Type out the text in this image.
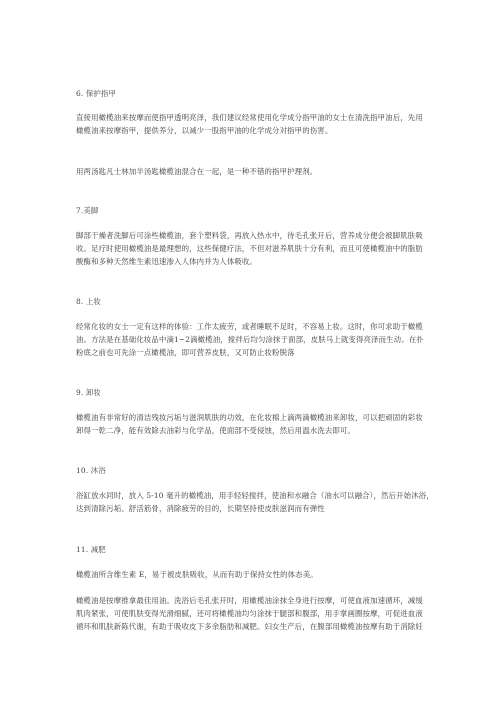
6. 保护指甲
直接用橄榄油来按摩而使指甲透明亮泽，我们建议经常使用化学成分指甲油的女士在清洗指甲油后，先用
橄榄油来按摩指甲，提供养分，以减少一股指甲油的化学成分对指甲的伤害。
用两汤匙凡士林加半汤匙橄榄油混合在一起，是一种不错的指甲护理剂。
7.美脚
脚部干燥者洗脚后可涂些橄榄油，套个塑料袋，再放入热水中，待毛孔张开后，营养成分便会被脚肌肤吸
收。足疗时使用橄榄油是最理想的，这些保健疗法，不但对滋养肌肤十分有利，而且可使橄榄油中的脂肪
酸酶和多种天然维生素迅速渗入人体内并为人体吸收。
8. 上妆
经常化妆的女士一定有这样的体验：工作太疲劳，或者睡眠不足时，不容易上妆。这时，你可求助于橄榄
油。方法是在基础化妆品中滴1~2滴橄榄油，搅拌后均匀涂抹于面部，皮肤马上就变得亮泽而生动。在扑
粉底之前也可先涂一点橄榄油，即可营养皮肤，又可防止妆粉脱落
9. 卸妆
橄榄油有非常好的清洁残妆污垢与滋润肌肤的功效，在化妆棉上滴两滴橄榄油来卸妆，可以把顽固的彩妆
卸得一乾二净，能有效除去油彩与化学品，使面部不受侵蚀，然后用温水洗去即可。
10. 沐浴
浴缸放水同时，放入 5-10 毫升的橄榄油，用手轻轻搅拌，使油和水融合（油水可以融合），然后开始沐浴，
达到清除污垢、舒活筋骨，消除疲劳的目的，长期坚持使皮肤滋润而有弹性
11. 减肥
橄榄油所含维生素 E，易于被皮肤吸收，从而有助于保持女性的体态美。
橄榄油是按摩推拿最佳用油。洗浴后毛孔张开时，用橄榄油涂抹全身进行按摩，可使血液加速循环，减缓
肌肉紧张，可使肌肤变得光滑细腻，还可将橄榄油均匀涂抹于腿部和腹部，用手掌画圈按摩，可促进血液
循环和肌肤新陈代谢，有助于吸收皮下多余脂肪和减肥。妇女生产后，在腹部用橄榄油按摩有助于消除妊
